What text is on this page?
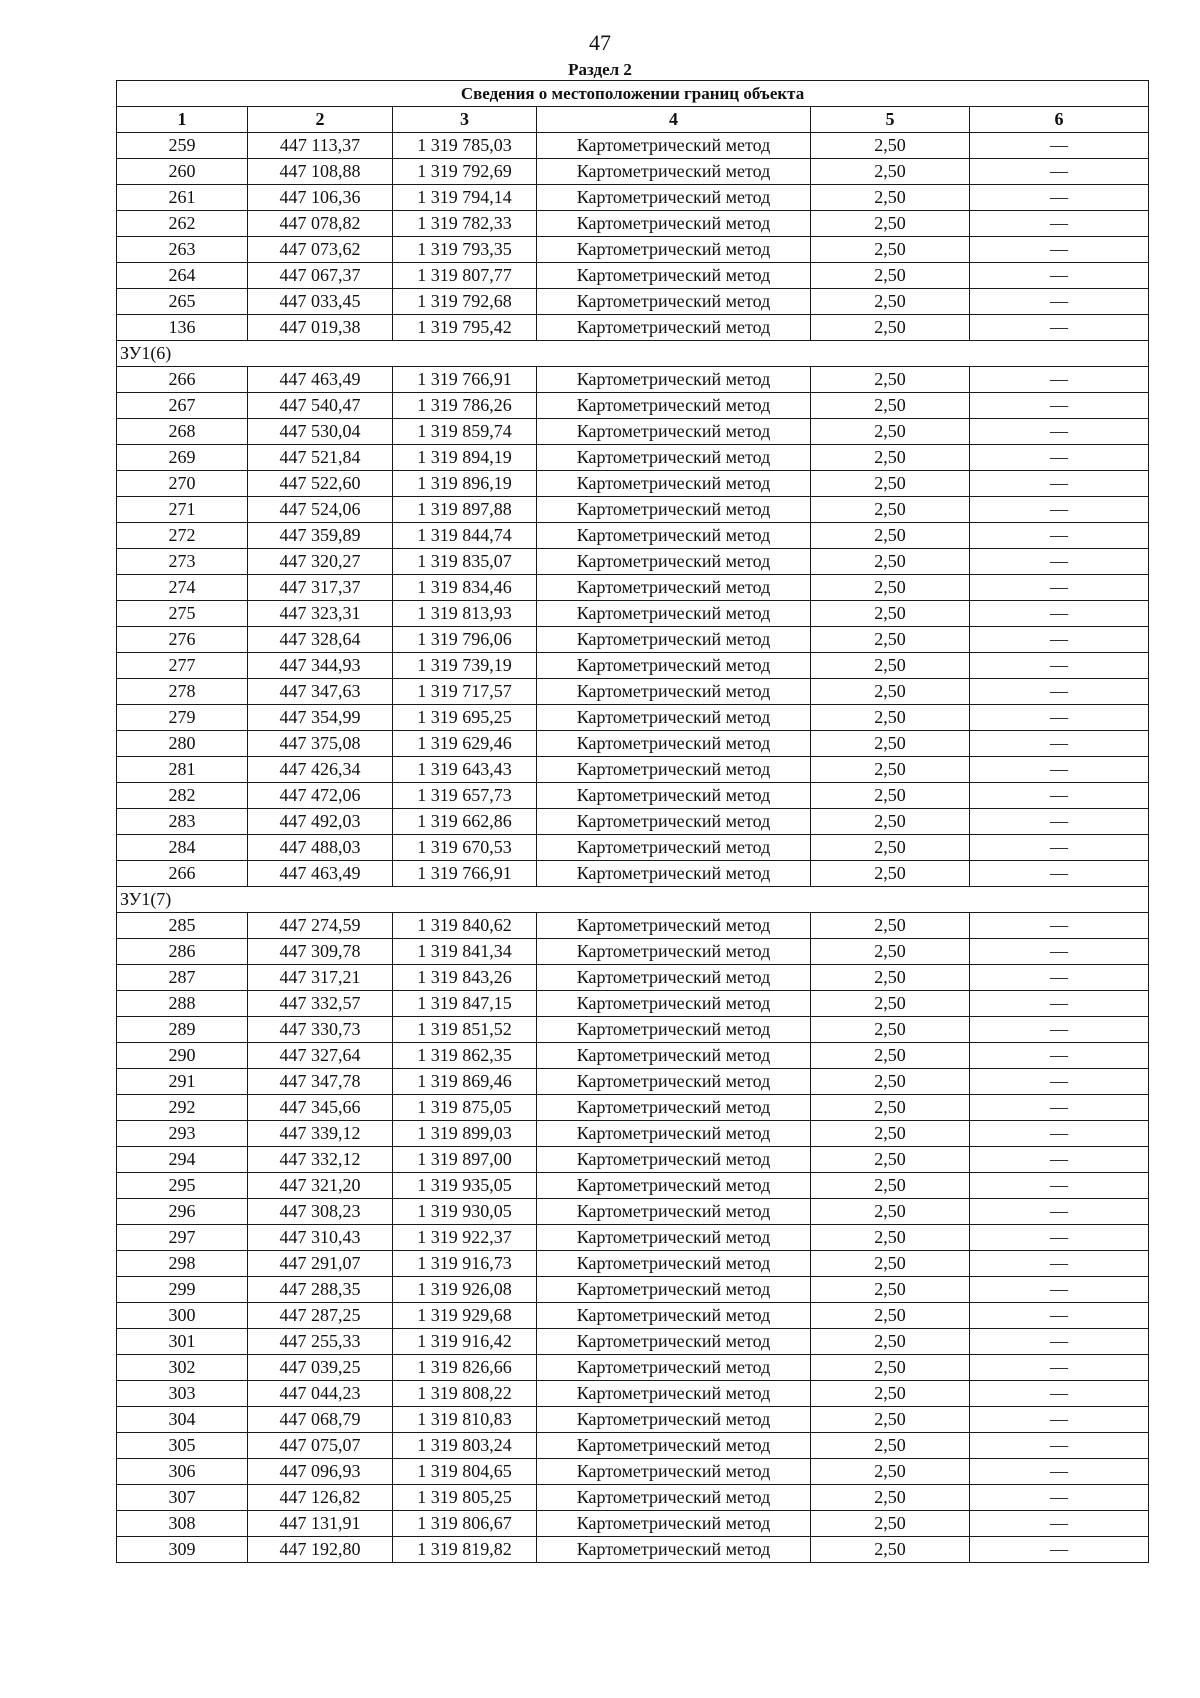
47
Раздел 2
Сведения о местоположении границ объекта					
1	2	3	4	5	6
259	447 113,37	1 319 785,03	Картометрический метод	2,50	—
260	447 108,88	1 319 792,69	Картометрический метод	2,50	—
261	447 106,36	1 319 794,14	Картометрический метод	2,50	—
262	447 078,82	1 319 782,33	Картометрический метод	2,50	—
263	447 073,62	1 319 793,35	Картометрический метод	2,50	—
264	447 067,37	1 319 807,77	Картометрический метод	2,50	—
265	447 033,45	1 319 792,68	Картометрический метод	2,50	—
136	447 019,38	1 319 795,42	Картометрический метод	2,50	—
ЗУ1(6)					
266	447 463,49	1 319 766,91	Картометрический метод	2,50	—
267	447 540,47	1 319 786,26	Картометрический метод	2,50	—
268	447 530,04	1 319 859,74	Картометрический метод	2,50	—
269	447 521,84	1 319 894,19	Картометрический метод	2,50	—
270	447 522,60	1 319 896,19	Картометрический метод	2,50	—
271	447 524,06	1 319 897,88	Картометрический метод	2,50	—
272	447 359,89	1 319 844,74	Картометрический метод	2,50	—
273	447 320,27	1 319 835,07	Картометрический метод	2,50	—
274	447 317,37	1 319 834,46	Картометрический метод	2,50	—
275	447 323,31	1 319 813,93	Картометрический метод	2,50	—
276	447 328,64	1 319 796,06	Картометрический метод	2,50	—
277	447 344,93	1 319 739,19	Картометрический метод	2,50	—
278	447 347,63	1 319 717,57	Картометрический метод	2,50	—
279	447 354,99	1 319 695,25	Картометрический метод	2,50	—
280	447 375,08	1 319 629,46	Картометрический метод	2,50	—
281	447 426,34	1 319 643,43	Картометрический метод	2,50	—
282	447 472,06	1 319 657,73	Картометрический метод	2,50	—
283	447 492,03	1 319 662,86	Картометрический метод	2,50	—
284	447 488,03	1 319 670,53	Картометрический метод	2,50	—
266	447 463,49	1 319 766,91	Картометрический метод	2,50	—
ЗУ1(7)					
285	447 274,59	1 319 840,62	Картометрический метод	2,50	—
286	447 309,78	1 319 841,34	Картометрический метод	2,50	—
287	447 317,21	1 319 843,26	Картометрический метод	2,50	—
288	447 332,57	1 319 847,15	Картометрический метод	2,50	—
289	447 330,73	1 319 851,52	Картометрический метод	2,50	—
290	447 327,64	1 319 862,35	Картометрический метод	2,50	—
291	447 347,78	1 319 869,46	Картометрический метод	2,50	—
292	447 345,66	1 319 875,05	Картометрический метод	2,50	—
293	447 339,12	1 319 899,03	Картометрический метод	2,50	—
294	447 332,12	1 319 897,00	Картометрический метод	2,50	—
295	447 321,20	1 319 935,05	Картометрический метод	2,50	—
296	447 308,23	1 319 930,05	Картометрический метод	2,50	—
297	447 310,43	1 319 922,37	Картометрический метод	2,50	—
298	447 291,07	1 319 916,73	Картометрический метод	2,50	—
299	447 288,35	1 319 926,08	Картометрический метод	2,50	—
300	447 287,25	1 319 929,68	Картометрический метод	2,50	—
301	447 255,33	1 319 916,42	Картометрический метод	2,50	—
302	447 039,25	1 319 826,66	Картометрический метод	2,50	—
303	447 044,23	1 319 808,22	Картометрический метод	2,50	—
304	447 068,79	1 319 810,83	Картометрический метод	2,50	—
305	447 075,07	1 319 803,24	Картометрический метод	2,50	—
306	447 096,93	1 319 804,65	Картометрический метод	2,50	—
307	447 126,82	1 319 805,25	Картометрический метод	2,50	—
308	447 131,91	1 319 806,67	Картометрический метод	2,50	—
309	447 192,80	1 319 819,82	Картометрический метод	2,50	—
